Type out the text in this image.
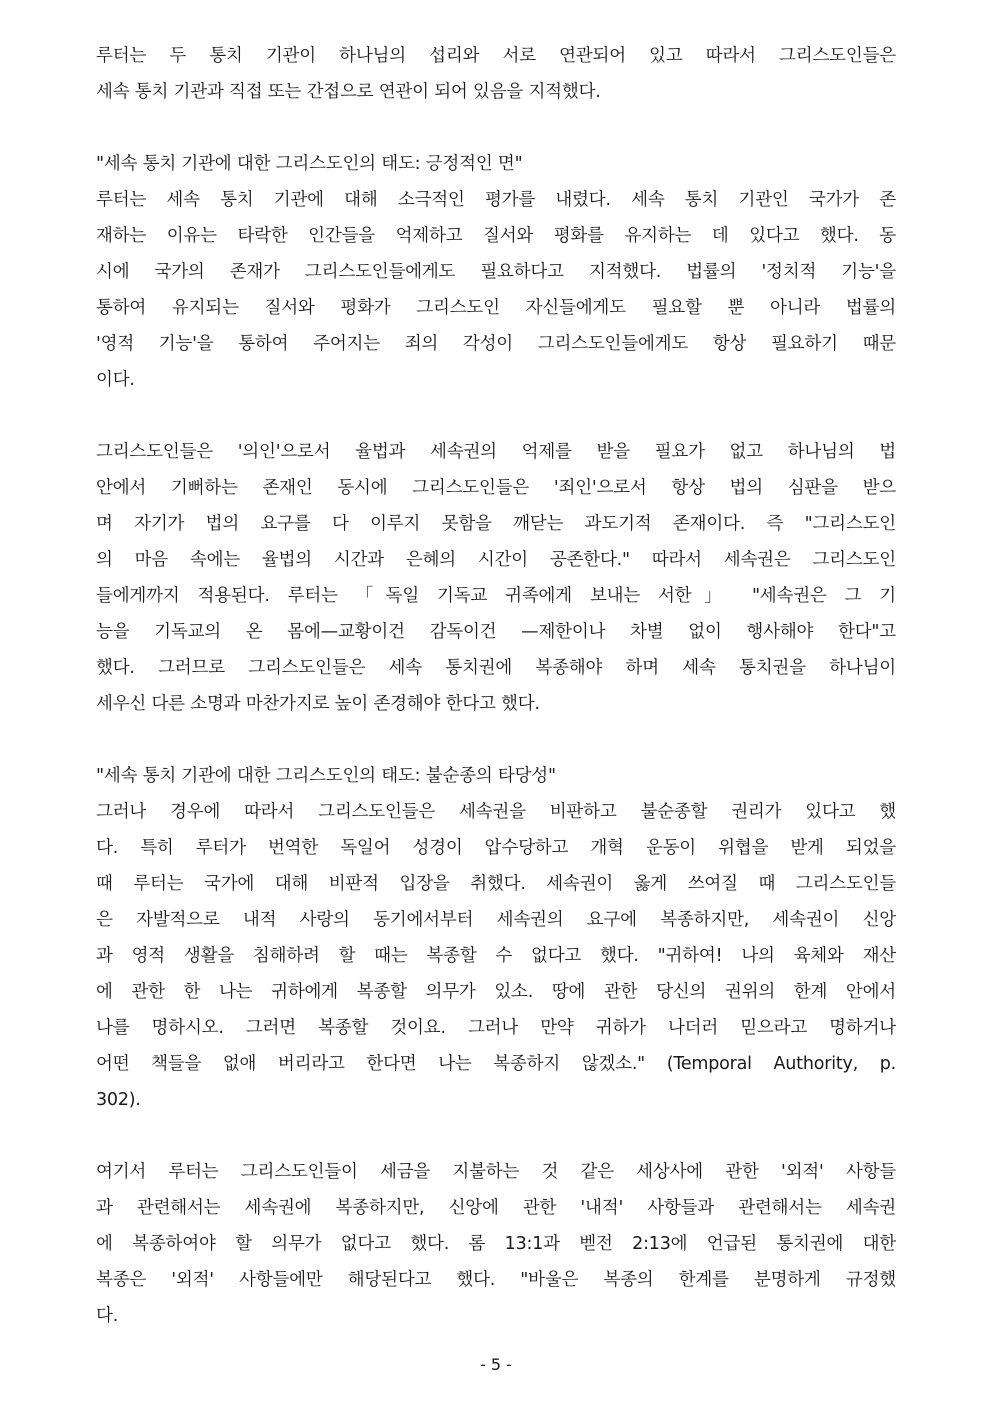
루터는 두 통치 기관이 하나님의 섭리와 서로 연관되어 있고 따라서 그리스도인들은
세속 통치 기관과 직접 또는 간접으로 연관이 되어 있음을 지적했다.
"세속 통치 기관에 대한 그리스도인의 태도: 긍정적인 면"
루터는 세속 통치 기관에 대해 소극적인 평가를 내렸다. 세속 통치 기관인 국가가 존
재하는 이유는 타락한 인간들을 억제하고 질서와 평화를 유지하는 데 있다고 했다. 동
시에 국가의 존재가 그리스도인들에게도 필요하다고 지적했다. 법률의 '정치적 기능'을
통하여 유지되는 질서와 평화가 그리스도인 자신들에게도 필요할 뿐 아니라 법률의
'영적 기능'을 통하여 주어지는 죄의 각성이 그리스도인들에게도 항상 필요하기 때문
이다.
그리스도인들은 '의인'으로서 율법과 세속권의 억제를 받을 필요가 없고 하나님의 법
안에서 기뻐하는 존재인 동시에 그리스도인들은 '죄인'으로서 항상 법의 심판을 받으
며 자기가 법의 요구를 다 이루지 못함을 깨닫는 과도기적 존재이다. 즉 "그리스도인
의 마음 속에는 율법의 시간과 은혜의 시간이 공존한다." 따라서 세속권은 그리스도인
들에게까지 적용된다. 루터는 「독일 기독교 귀족에게 보내는 서한」 "세속권은 그 기
능을 기독교의 온 몸에—교황이건 감독이건 —제한이나 차별 없이 행사해야 한다"고
했다. 그러므로 그리스도인들은 세속 통치권에 복종해야 하며 세속 통치권을 하나님이
세우신 다른 소명과 마찬가지로 높이 존경해야 한다고 했다.
"세속 통치 기관에 대한 그리스도인의 태도: 불순종의 타당성"
그러나 경우에 따라서 그리스도인들은 세속권을 비판하고 불순종할 권리가 있다고 했
다. 특히 루터가 번역한 독일어 성경이 압수당하고 개혁 운동이 위협을 받게 되었을
때 루터는 국가에 대해 비판적 입장을 취했다. 세속권이 옳게 쓰여질 때 그리스도인들
은 자발적으로 내적 사랑의 동기에서부터 세속권의 요구에 복종하지만, 세속권이 신앙
과 영적 생활을 침해하려 할 때는 복종할 수 없다고 했다. "귀하여! 나의 육체와 재산
에 관한 한 나는 귀하에게 복종할 의무가 있소. 땅에 관한 당신의 권위의 한계 안에서
나를 명하시오. 그러면 복종할 것이요. 그러나 만약 귀하가 나더러 믿으라고 명하거나
어떤 책들을 없애 버리라고 한다면 나는 복종하지 않겠소." (Temporal Authority, p.
302).
여기서 루터는 그리스도인들이 세금을 지불하는 것 같은 세상사에 관한 '외적' 사항들
과 관련해서는 세속권에 복종하지만, 신앙에 관한 '내적' 사항들과 관련해서는 세속권
에 복종하여야 할 의무가 없다고 했다. 롬 13:1과 벧전 2:13에 언급된 통치권에 대한
복종은 '외적' 사항들에만 해당된다고 했다. "바울은 복종의 한계를 분명하게 규정했
다.
- 5 -
